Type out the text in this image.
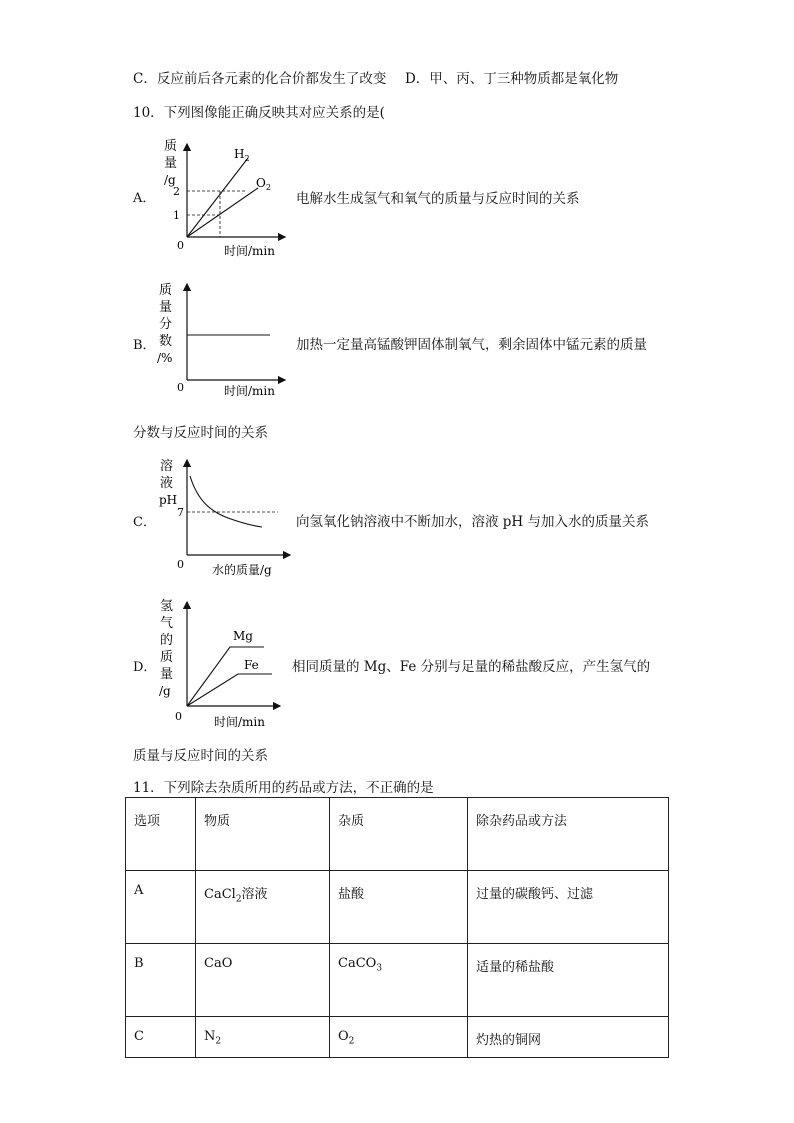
C．反应前后各元素的化合价都发生了改变 D．甲、丙、丁三种物质都是氧化物
10．下列图像能正确反映其对应关系的是(
A．
质
量
/g
2
1
0
$H_2$
$O_2$
时间/min
电解水生成氢气和氧气的质量与反应时间的关系
B．
质
量
分
数
/%
0	时间/min
加热一定量高锰酸钾固体制氧气，剩余固体中锰元素的质量
分数与反应时间的关系
C．
溶
液
pH
7
0 水的质量/g
向氢氧化钠溶液中不断加水，溶液 pH 与加入水的质量关系
D．
氢
气
的
质
量
/g
Mg
Fe
0	时间/min
相同质量的 Mg、Fe 分别与足量的稀盐酸反应，产生氢气的
质量与反应时间的关系
11．下列除去杂质所用的药品或方法，不正确的是
选项	物质	杂质	除杂药品或方法
A	CaCl$_2$溶液	盐酸	过量的碳酸钙、过滤
B	CaO	CaCO$_3$	适量的稀盐酸
C	$N_2$	$O_2$	灼热的铜网
